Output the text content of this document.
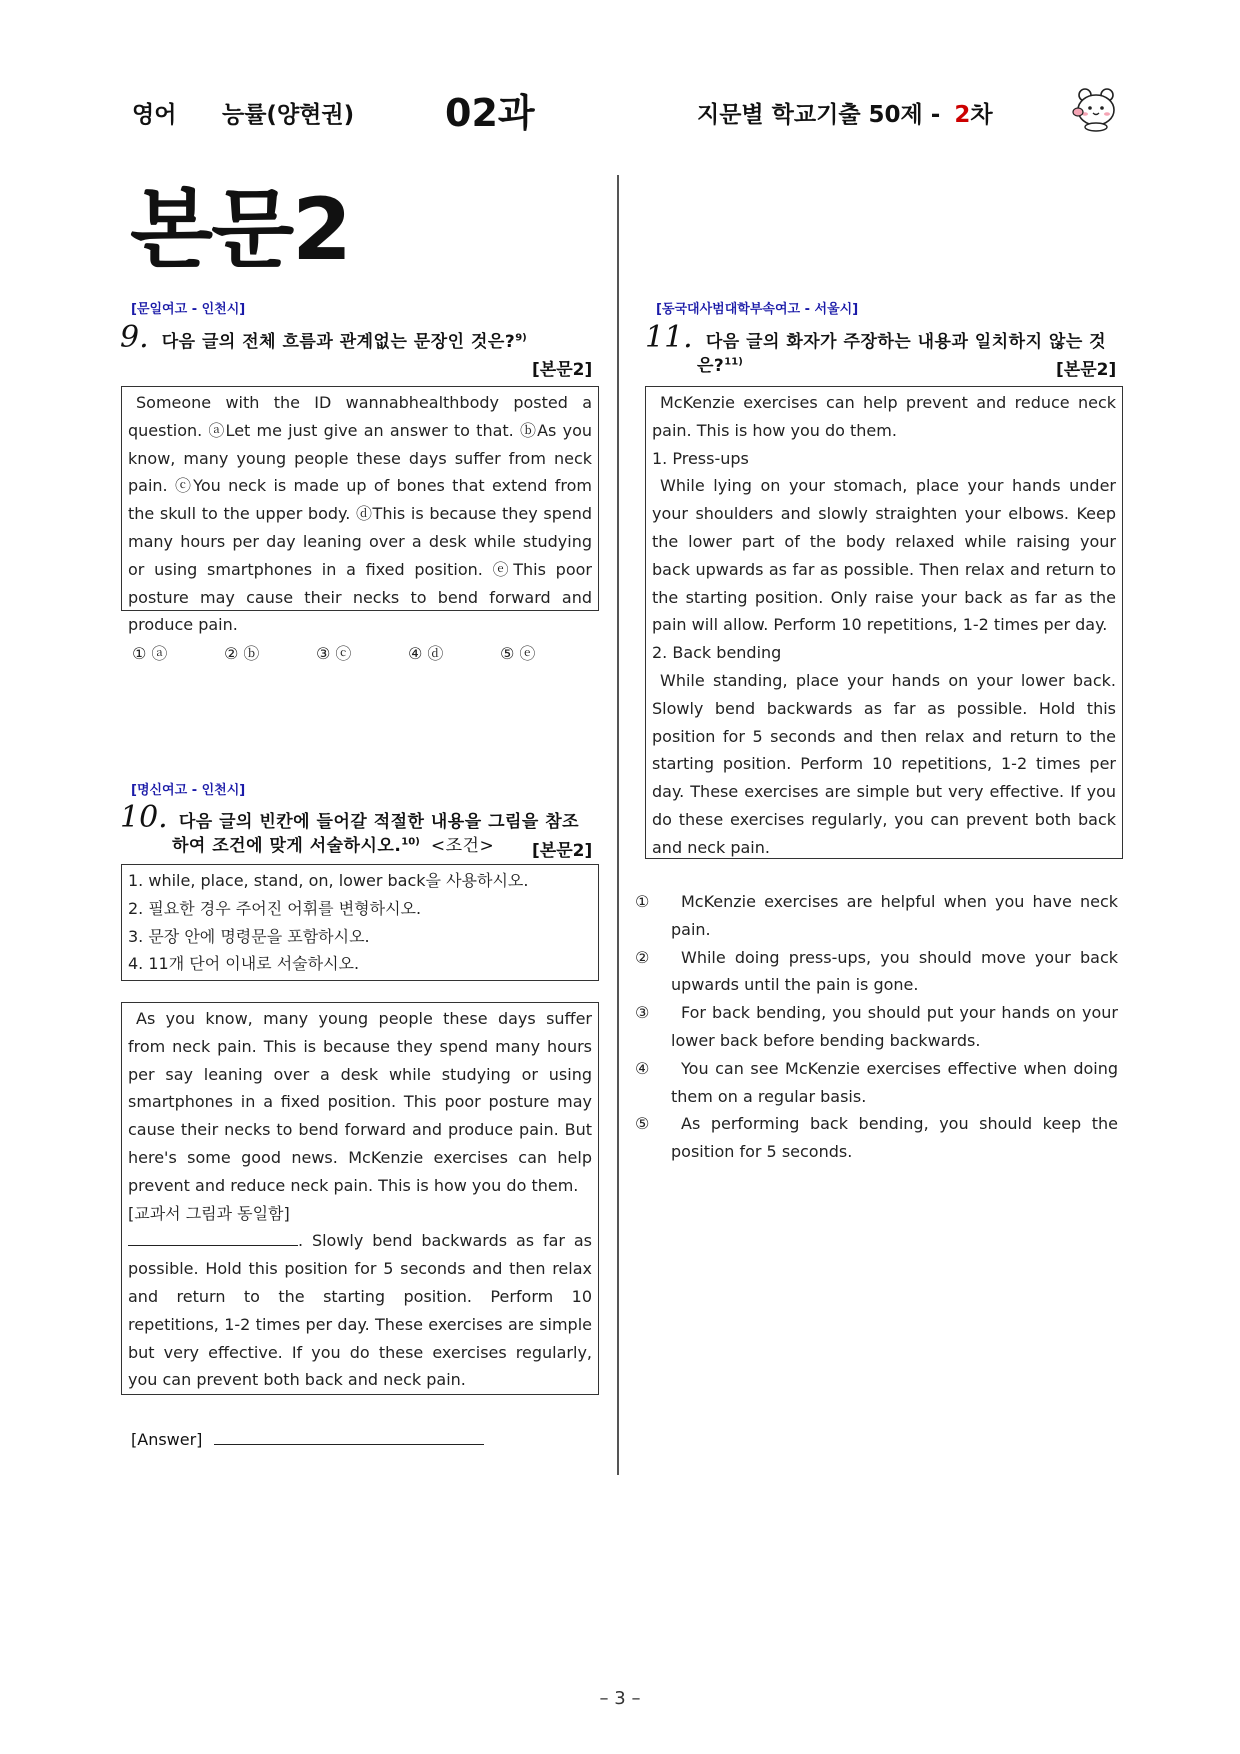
영어 능률(양현권) 02과	지문별 학교기출 50제 - 2차
본문2
[문일여고 - 인천시]
9. 다음 글의 전체 흐름과 관계없는 문장인 것은?$^{9)}$
[본문2]

Someone with the ID wannabhealthbody posted a question. ⓐLet me just give an answer to that. ⓑAs you know, many young people these days suffer from neck pain. ⓒYou neck is made up of bones that extend from the skull to the upper body. ⓓThis is because they spend many hours per day leaning over a desk while studying or using smartphones in a fixed position. ⓔThis poor posture may cause their necks to bend forward and produce pain.

① ⓐ	② ⓑ	③ ⓒ	④ ⓓ	⑤ ⓔ
[명신여고 - 인천시]
10. 다음 글의 빈칸에 들어갈 적절한 내용을 그림을 참조
하여 조건에 맞게 서술하시오.$^{10)}$ <조건>	[본문2]

1. while, place, stand, on, lower back을 사용하시오.

2. 필요한 경우 주어진 어휘를 변형하시오.

3. 문장 안에 명령문을 포함하시오.

4. 11개 단어 이내로 서술하시오.

As you know, many young people these days suffer from neck pain. This is because they spend many hours per say leaning over a desk while studying or using smartphones in a fixed position. This poor posture may cause their necks to bend forward and produce pain. But here's some good news. McKenzie exercises can help prevent and reduce neck pain. This is how you do them.

[교과서 그림과 동일함]

. Slowly bend backwards as far as possible. Hold this position for 5 seconds and then relax and return to the starting position. Perform 10 repetitions, 1-2 times per day. These exercises are simple but very effective. If you do these exercises regularly, you can prevent both back and neck pain.

[Answer]
[동국대사범대학부속여고 - 서울시]
11. 다음 글의 화자가 주장하는 내용과 일치하지 않는 것
은?$^{11)}$	[본문2]

McKenzie exercises can help prevent and reduce neck pain. This is how you do them.

1. Press-ups

While lying on your stomach, place your hands under your shoulders and slowly straighten your elbows. Keep the lower part of the body relaxed while raising your back upwards as far as possible. Then relax and return to the starting position. Only raise your back as far as the pain will allow. Perform 10 repetitions, 1-2 times per day.

2. Back bending

While standing, place your hands on your lower back. Slowly bend backwards as far as possible. Hold this position for 5 seconds and then relax and return to the starting position. Perform 10 repetitions, 1-2 times per day. These exercises are simple but very effective. If you do these exercises regularly, you can prevent both back and neck pain.

① McKenzie exercises are helpful when you have neck pain.
② While doing press-ups, you should move your back upwards until the pain is gone.
③ For back bending, you should put your hands on your lower back before bending backwards.
④ You can see McKenzie exercises effective when doing them on a regular basis.
⑤ As performing back bending, you should keep the position for 5 seconds.
– 3 –
